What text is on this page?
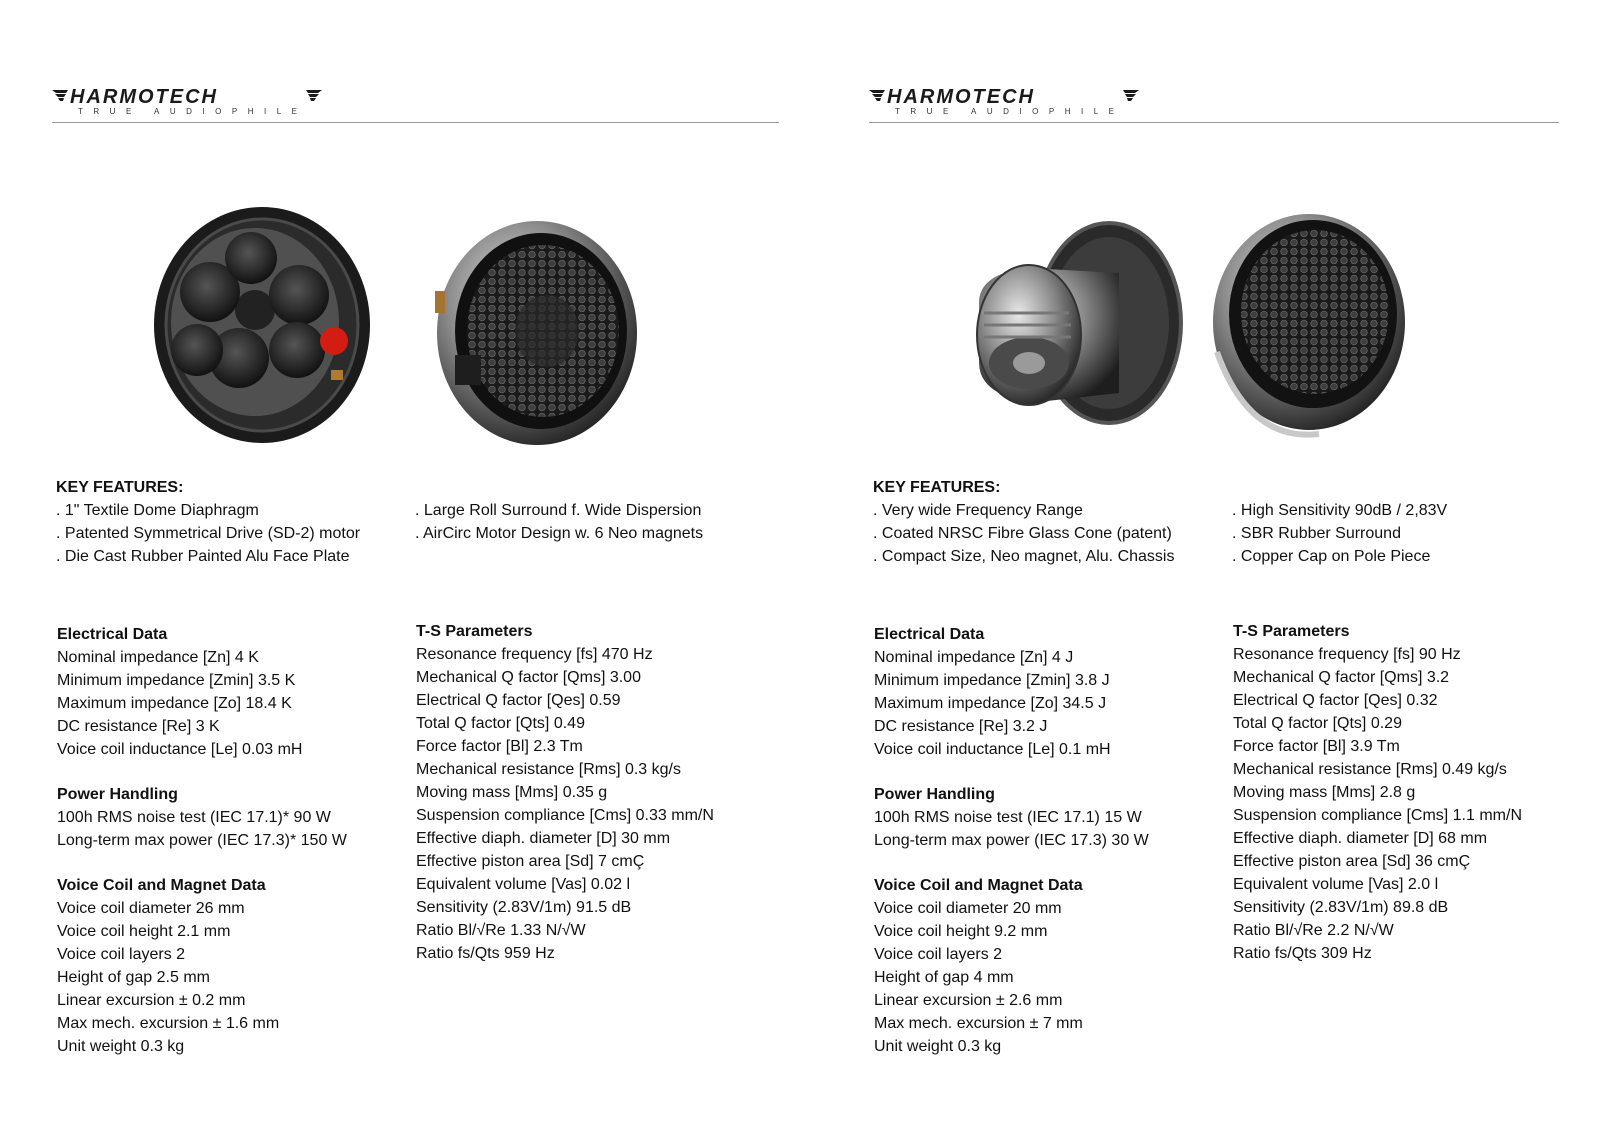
HARMOTECH
TRUE AUDIOPHILE
KEY FEATURES:
. 1" Textile Dome Diaphragm
. Patented Symmetrical Drive (SD-2) motor
. Die Cast Rubber Painted Alu Face Plate
. Large Roll Surround f. Wide Dispersion
. AirCirc Motor Design w. 6 Neo magnets
Electrical Data
Nominal impedance [Zn] 4 K
Minimum impedance [Zmin] 3.5 K
Maximum impedance [Zo] 18.4 K
DC resistance [Re] 3 K
Voice coil inductance [Le] 0.03 mH
Power Handling
100h RMS noise test (IEC 17.1)* 90 W
Long-term max power (IEC 17.3)* 150 W
Voice Coil and Magnet Data
Voice coil diameter 26 mm
Voice coil height 2.1 mm
Voice coil layers 2
Height of gap 2.5 mm
Linear excursion ± 0.2 mm
Max mech. excursion ± 1.6 mm
Unit weight 0.3 kg
T-S Parameters
Resonance frequency [fs] 470 Hz
Mechanical Q factor [Qms] 3.00
Electrical Q factor [Qes] 0.59
Total Q factor [Qts] 0.49
Force factor [Bl] 2.3 Tm
Mechanical resistance [Rms] 0.3 kg/s
Moving mass [Mms] 0.35 g
Suspension compliance [Cms] 0.33 mm/N
Effective diaph. diameter [D] 30 mm
Effective piston area [Sd] 7 cmÇ
Equivalent volume [Vas] 0.02 l
Sensitivity (2.83V/1m) 91.5 dB
Ratio Bl/√Re 1.33 N/√W
Ratio fs/Qts 959 Hz
HARMOTECH
TRUE AUDIOPHILE
KEY FEATURES:
. Very wide Frequency Range
. Coated NRSC Fibre Glass Cone (patent)
. Compact Size, Neo magnet, Alu. Chassis
. High Sensitivity 90dB / 2,83V
. SBR Rubber Surround
. Copper Cap on Pole Piece
Electrical Data
Nominal impedance [Zn] 4 J
Minimum impedance [Zmin] 3.8 J
Maximum impedance [Zo] 34.5 J
DC resistance [Re] 3.2 J
Voice coil inductance [Le] 0.1 mH
Power Handling
100h RMS noise test (IEC 17.1) 15 W
Long-term max power (IEC 17.3) 30 W
Voice Coil and Magnet Data
Voice coil diameter 20 mm
Voice coil height 9.2 mm
Voice coil layers 2
Height of gap 4 mm
Linear excursion ± 2.6 mm
Max mech. excursion ± 7 mm
Unit weight 0.3 kg
T-S Parameters
Resonance frequency [fs] 90 Hz
Mechanical Q factor [Qms] 3.2
Electrical Q factor [Qes] 0.32
Total Q factor [Qts] 0.29
Force factor [Bl] 3.9 Tm
Mechanical resistance [Rms] 0.49 kg/s
Moving mass [Mms] 2.8 g
Suspension compliance [Cms] 1.1 mm/N
Effective diaph. diameter [D] 68 mm
Effective piston area [Sd] 36 cmÇ
Equivalent volume [Vas] 2.0 l
Sensitivity (2.83V/1m) 89.8 dB
Ratio Bl/√Re 2.2 N/√W
Ratio fs/Qts 309 Hz
